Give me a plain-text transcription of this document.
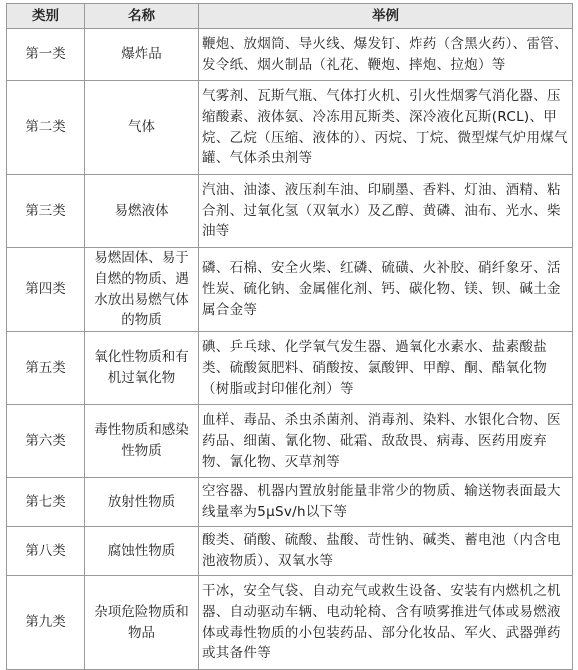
类别	名称	举例
第一类	爆炸品	鞭炮、放烟筒、导火线、爆发钉、炸药（含黑火药）、雷管、发令纸、烟火制品（礼花、鞭炮、摔炮、拉炮）等
第二类	气体	气雾剂、瓦斯气瓶、气体打火机、引火性烟雾气消化器、压缩酸素、液体氨、冷冻用瓦斯类、深冷液化瓦斯(RCL)、甲烷、乙烷（压缩、液体的）、丙烷、丁烷、微型煤气炉用煤气罐、气体杀虫剂等
第三类	易燃液体	汽油、油漆、液压刹车油、印刷墨、香料、灯油、酒精、粘合剂、过氧化氢（双氧水）及乙醇、黄磷、油布、光水、柴油等
第四类	易燃固体、易于自燃的物质、遇水放出易燃气体的物质	磷、石棉、安全火柴、红磷、硫磺、火补胶、硝纤象牙、活性炭、硫化钠、金属催化剂、钙、碳化物、镁、钡、碱土金属合金等
第五类	氧化性物质和有机过氧化物	碘、乒乓球、化学氧气发生器、過氧化水素水、盐素酸盐类、硫酸氮肥料、硝酸按、氯酸钾、甲醇、酮、酷氧化物（树脂或封印催化剂）等
第六类	毒性物质和感染性物质	血样、毒品、杀虫杀菌剂、消毒剂、染料、水银化合物、医药品、细菌、氰化物、砒霜、敌敌畏、病毒、医药用废弃物、氰化物、灭草剂等
第七类	放射性物质	空容器、机器内置放射能量非常少的物质、输送物表面最大线量率为5μSv/h以下等
第八类	腐蚀性物质	酸类、硝酸、硫酸、盐酸、苛性钠、碱类、蓄电池（内含电池液物质）、双氧水等
第九类	杂项危险物质和物品	干冰，安全气袋、自动充气或救生设备、安装有内燃机之机器、自动驱动车辆、电动轮椅、含有喷雾推进气体或易燃液体或毒性物质的小包装药品、部分化妆品、军火、武器弹药或其备件等
